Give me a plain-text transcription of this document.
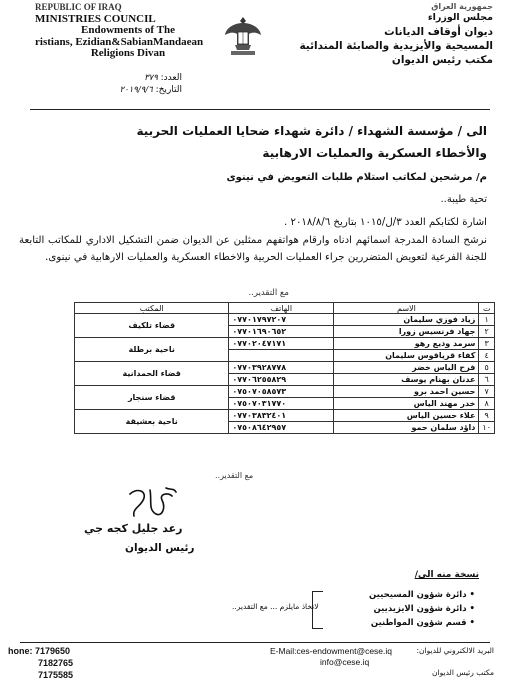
REPUBLIC OF IRAQ
MINISTRIES COUNCIL
Endowments of The
ristians, Ezidian&SabianMandaean
Religions Divan
جمهورية العراق
مجلس الوزراء
ديوان أوقاف الديانات
المسيحية والأيزيدية والصابئة المندائية
مكتب رئيس الديوان
العدد: ٣٧٩
التاريخ: ٢٠١٩/٩/٦
الى / مؤسسة الشهداء / دائرة شهداء ضحايا العمليات الحربية
والأخطاء العسكرية والعمليات الارهابية
م/ مرشحين لمكاتب استلام طلبات التعويض في نينوى
تحية طيبة..
اشارة لكتابكم العدد ٣/ل/١٠١٥ بتاريخ ٢٠١٨/٨/٦ .
نرشح السادة المدرجة اسمائهم ادناه وارقام هواتفهم ممثلين عن الديوان ضمن التشكيل الاداري للمكاتب التابعة للجنة الفرعية لتعويض المتضررين جراء العمليات الحربية والاخطاء العسكرية والعمليات الارهابية في نينوى.
مع التقدير..
ت	الاسم	الهاتف	المكتب
١	زياد فوزي سليمان	٠٧٧٠١٧٩٧٢٠٧	قضاء تلكيف
٢	جهاد فرنسيس زورا	٠٧٧٠١٦٩٠٦٥٢	
٣	سرمد وديع رهو	٠٧٧٠٢٠٤٧١٧١	ناحية برطلة
٤	كفاء قرياقوس سليمان		
٥	فرح الياس خضر	٠٧٧٠٣٩٢٨٧٧٨	قضاء الحمدانية
٦	عدنان بهنام يوسف	٠٧٧٠٦٢٥٥٨٢٩	
٧	حسين احمد برو	٠٧٥٠٧٠٥٨٥٧٣	قضاء سنجار
٨	خدر مهند الياس	٠٧٥٠٧٠٣١٧٧٠	
٩	علاء حسين الياس	٠٧٧٠٣٨٣٢٤٠١	ناحية بعشيقة
١٠	داؤد سلمان حمو	٠٧٥٠٨٦٤٢٩٥٧	
مع التقدير..
رعد جليل كجه جي
رئيس الديوان
نسخة منه الى/
• دائرة شؤون المسيحيين
• دائرة شؤون الايزيديين
• قسم شؤون المواطنين
لاتخاذ مايلزم ... مع التقدير..
hone: 7179650
7182765
7175585
E-Mail:ces-endowment@cese.iq
info@cese.iq
البريد الالكتروني للديوان:
مكتب رئيس الديوان
